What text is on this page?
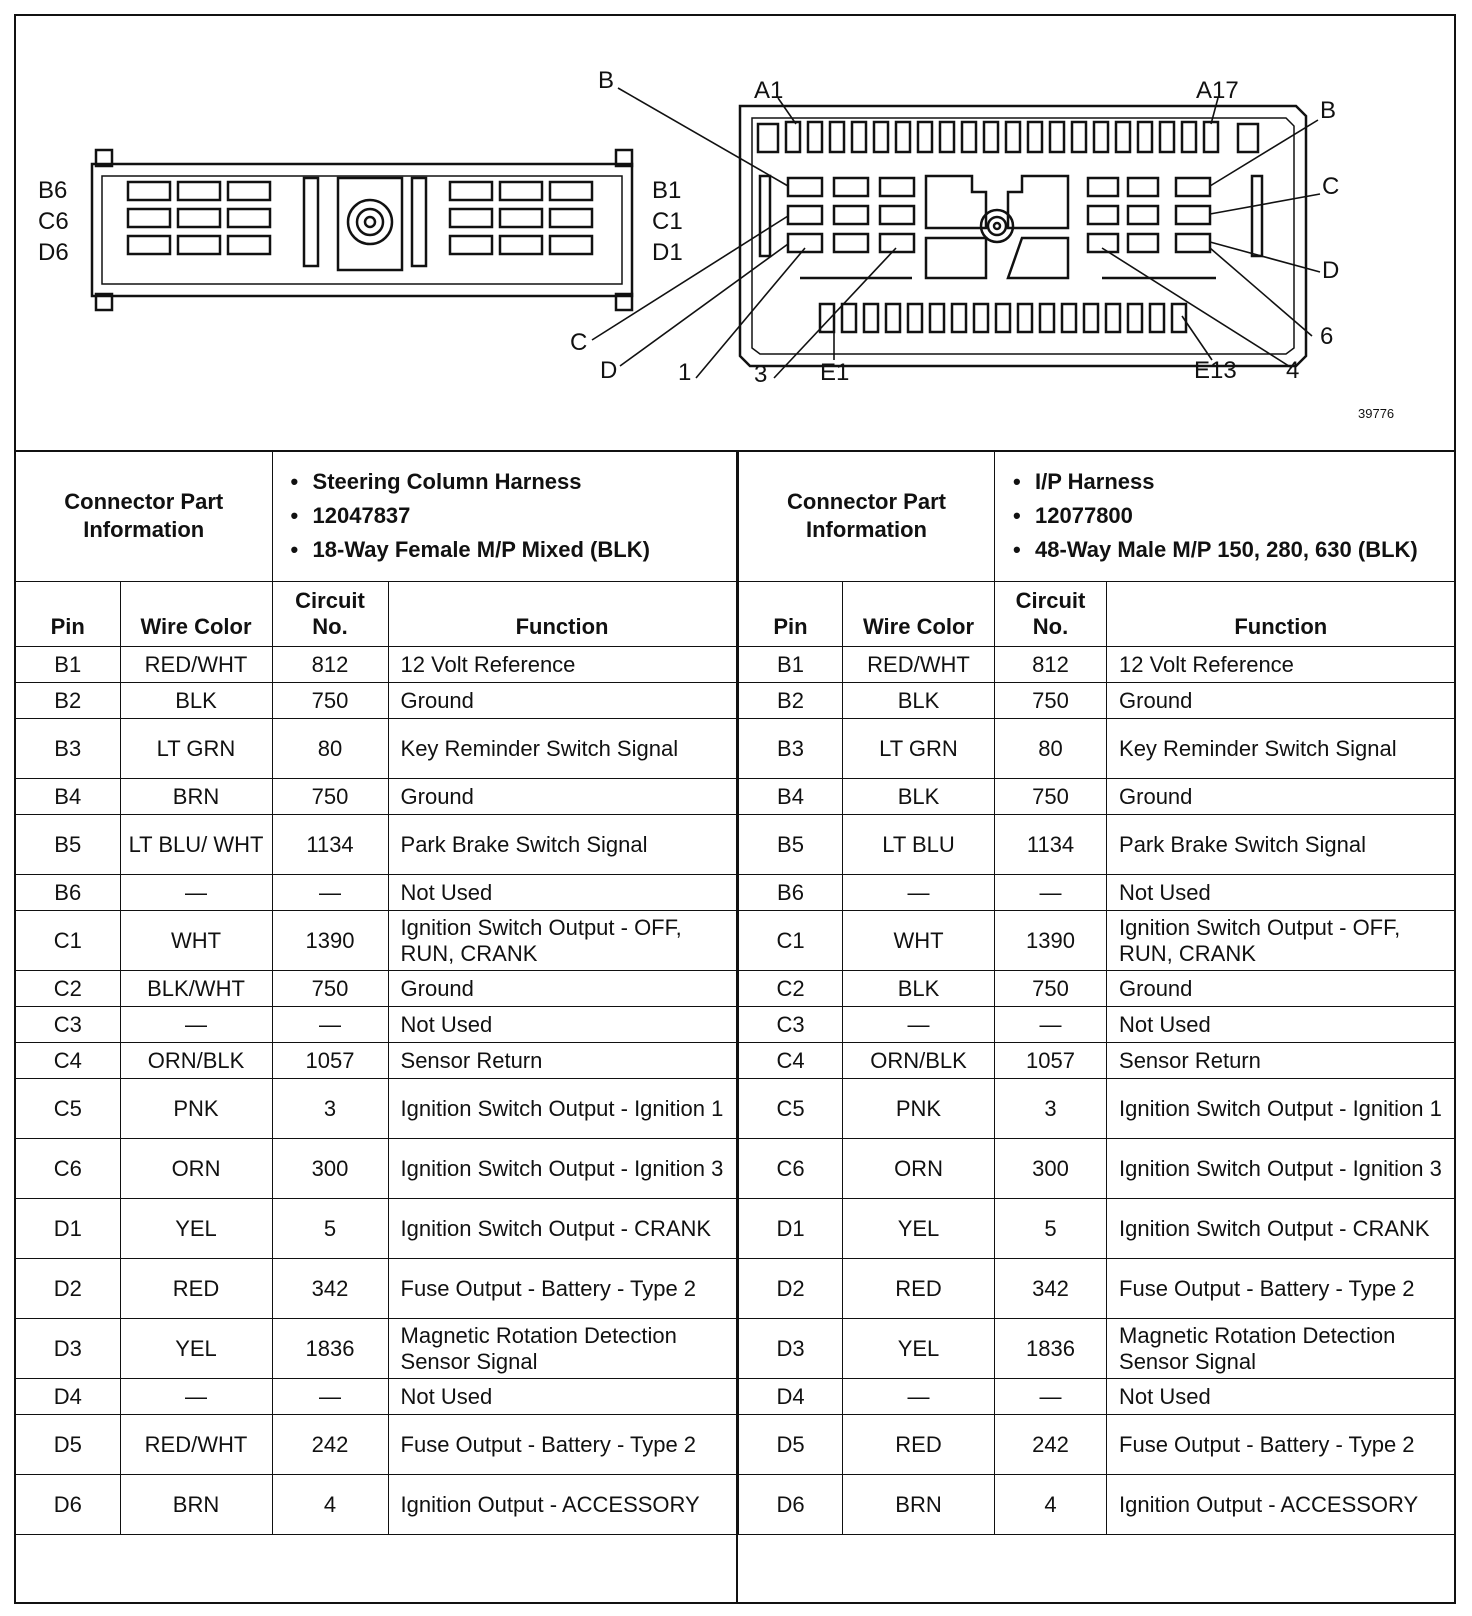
B6
C6
D6
B1
C1
D1
B	A1	A17
B
C
D
6
C
D	1	3 E1	E13 4
39776
Connector Part Information		• Steering Column Harness
• 12047837
• 18-Way Female M/P Mixed (BLK)

Pin	Wire Color	Circuit No.	Function
B1	RED/WHT	812	12 Volt Reference
B2	BLK	750	Ground
B3	LT GRN	80	Key Reminder Switch Signal
B4	BRN	750	Ground
B5	LT BLU/ WHT	1134	Park Brake Switch Signal
B6	—	—	Not Used
C1	WHT	1390	Ignition Switch Output - OFF, RUN, CRANK
C2	BLK/WHT	750	Ground
C3	—	—	Not Used
C4	ORN/BLK	1057	Sensor Return
C5	PNK	3	Ignition Switch Output - Ignition 1
C6	ORN	300	Ignition Switch Output - Ignition 3
D1	YEL	5	Ignition Switch Output - CRANK
D2	RED	342	Fuse Output - Battery - Type 2
D3	YEL	1836	Magnetic Rotation Detection Sensor Signal
D4	—	—	Not Used
D5	RED/WHT	242	Fuse Output - Battery - Type 2
D6	BRN	4	Ignition Output - ACCESSORY
Connector Part Information		• I/P Harness
• 12077800
• 48-Way Male M/P 150, 280, 630 (BLK)

Pin	Wire Color	Circuit No.	Function
B1	RED/WHT	812	12 Volt Reference
B2	BLK	750	Ground
B3	LT GRN	80	Key Reminder Switch Signal
B4	BLK	750	Ground
B5	LT BLU	1134	Park Brake Switch Signal
B6	—	—	Not Used
C1	WHT	1390	Ignition Switch Output - OFF, RUN, CRANK
C2	BLK	750	Ground
C3	—	—	Not Used
C4	ORN/BLK	1057	Sensor Return
C5	PNK	3	Ignition Switch Output - Ignition 1
C6	ORN	300	Ignition Switch Output - Ignition 3
D1	YEL	5	Ignition Switch Output - CRANK
D2	RED	342	Fuse Output - Battery - Type 2
D3	YEL	1836	Magnetic Rotation Detection Sensor Signal
D4	—	—	Not Used
D5	RED	242	Fuse Output - Battery - Type 2
D6	BRN	4	Ignition Output - ACCESSORY
